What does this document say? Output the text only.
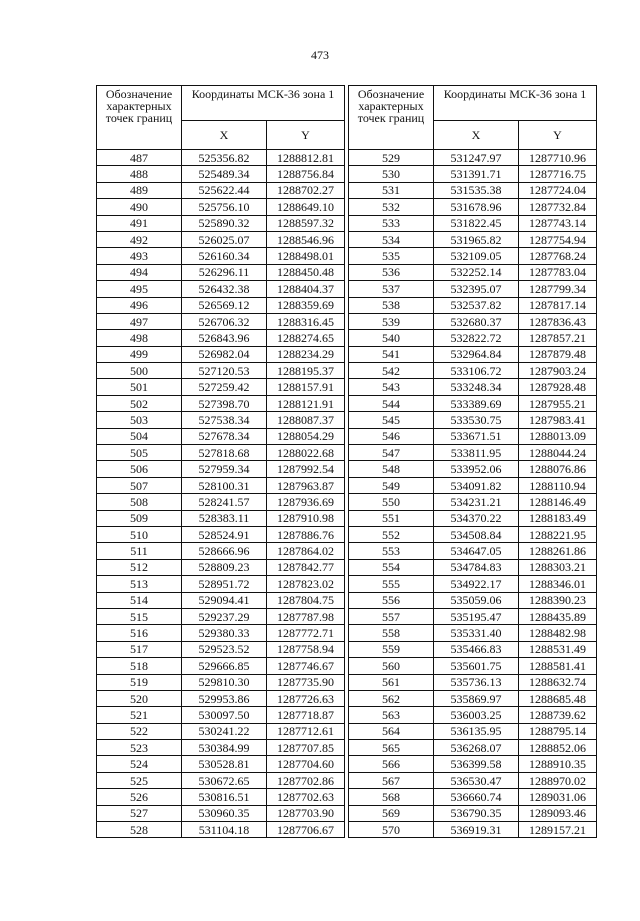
473
Обозначение характерных точек границ	Координаты МСК-36 зона 1	
	X	Y
487	525356.82	1288812.81
488	525489.34	1288756.84
489	525622.44	1288702.27
490	525756.10	1288649.10
491	525890.32	1288597.32
492	526025.07	1288546.96
493	526160.34	1288498.01
494	526296.11	1288450.48
495	526432.38	1288404.37
496	526569.12	1288359.69
497	526706.32	1288316.45
498	526843.96	1288274.65
499	526982.04	1288234.29
500	527120.53	1288195.37
501	527259.42	1288157.91
502	527398.70	1288121.91
503	527538.34	1288087.37
504	527678.34	1288054.29
505	527818.68	1288022.68
506	527959.34	1287992.54
507	528100.31	1287963.87
508	528241.57	1287936.69
509	528383.11	1287910.98
510	528524.91	1287886.76
511	528666.96	1287864.02
512	528809.23	1287842.77
513	528951.72	1287823.02
514	529094.41	1287804.75
515	529237.29	1287787.98
516	529380.33	1287772.71
517	529523.52	1287758.94
518	529666.85	1287746.67
519	529810.30	1287735.90
520	529953.86	1287726.63
521	530097.50	1287718.87
522	530241.22	1287712.61
523	530384.99	1287707.85
524	530528.81	1287704.60
525	530672.65	1287702.86
526	530816.51	1287702.63
527	530960.35	1287703.90
528	531104.18	1287706.67
Обозначение характерных точек границ	Координаты МСК-36 зона 1	
	X	Y
529	531247.97	1287710.96
530	531391.71	1287716.75
531	531535.38	1287724.04
532	531678.96	1287732.84
533	531822.45	1287743.14
534	531965.82	1287754.94
535	532109.05	1287768.24
536	532252.14	1287783.04
537	532395.07	1287799.34
538	532537.82	1287817.14
539	532680.37	1287836.43
540	532822.72	1287857.21
541	532964.84	1287879.48
542	533106.72	1287903.24
543	533248.34	1287928.48
544	533389.69	1287955.21
545	533530.75	1287983.41
546	533671.51	1288013.09
547	533811.95	1288044.24
548	533952.06	1288076.86
549	534091.82	1288110.94
550	534231.21	1288146.49
551	534370.22	1288183.49
552	534508.84	1288221.95
553	534647.05	1288261.86
554	534784.83	1288303.21
555	534922.17	1288346.01
556	535059.06	1288390.23
557	535195.47	1288435.89
558	535331.40	1288482.98
559	535466.83	1288531.49
560	535601.75	1288581.41
561	535736.13	1288632.74
562	535869.97	1288685.48
563	536003.25	1288739.62
564	536135.95	1288795.14
565	536268.07	1288852.06
566	536399.58	1288910.35
567	536530.47	1288970.02
568	536660.74	1289031.06
569	536790.35	1289093.46
570	536919.31	1289157.21
